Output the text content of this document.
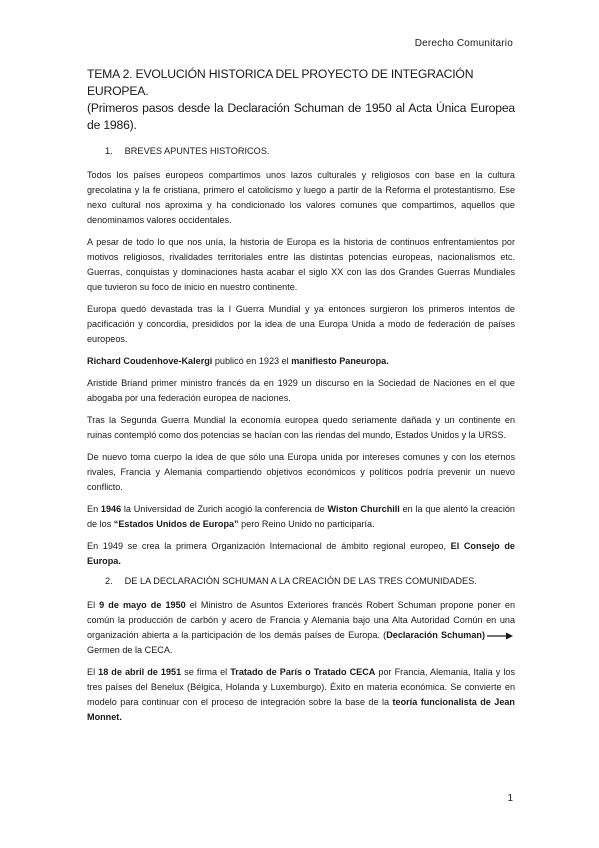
Derecho Comunitario
TEMA 2. EVOLUCIÓN HISTORICA DEL PROYECTO DE INTEGRACIÓN EUROPEA.
(Primeros pasos desde la Declaración Schuman de 1950 al Acta Única Europea de 1986).
1. BREVES APUNTES HISTORICOS.

Todos los países europeos compartimos unos lazos culturales y religiosos con base en la cultura grecolatina y la fe cristiana, primero el catolicismo y luego a partir de la Reforma el protestantismo. Ese nexo cultural nos aproxima y ha condicionado los valores comunes que compartimos, aquellos que denominamos valores occidentales.

A pesar de todo lo que nos unía, la historia de Europa es la historia de continuos enfrentamientos por motivos religiosos, rivalidades territoriales entre las distintas potencias europeas, nacionalismos etc. Guerras, conquistas y dominaciones hasta acabar el siglo XX con las dos Grandes Guerras Mundiales que tuvieron su foco de inicio en nuestro continente.

Europa quedó devastada tras la I Guerra Mundial y ya entonces surgieron los primeros intentos de pacificación y concordia, presididos por la idea de una Europa Unida a modo de federación de países europeos.

Richard Coudenhove-Kalergi publicó en 1923 el manifiesto Paneuropa.

Aristide Briand primer ministro francés da en 1929 un discurso en la Sociedad de Naciones en el que abogaba por una federación europea de naciones.

Tras la Segunda Guerra Mundial la economía europea quedo seriamente dañada y un continente en ruinas contempló como dos potencias se hacían con las riendas del mundo, Estados Unidos y la URSS.

De nuevo toma cuerpo la idea de que sólo una Europa unida por intereses comunes y con los eternos rivales, Francia y Alemania compartiendo objetivos económicos y políticos podría prevenir un nuevo conflicto.

En 1946 la Universidad de Zurich acogió la conferencia de Wiston Churchill en la que alentó la creación de los “Estados Unidos de Europa” pero Reino Unido no participaría.

En 1949 se crea la primera Organización Internacional de ámbito regional europeo, El Consejo de Europa.

2. DE LA DECLARACIÓN SCHUMAN A LA CREACIÓN DE LAS TRES COMUNIDADES.

El 9 de mayo de 1950 el Ministro de Asuntos Exteriores francés Robert Schuman propone poner en común la producción de carbón y acero de Francia y Alemania bajo una Alta Autoridad Común en una organización abierta a la participación de los demás países de Europa. (Declaración Schuman) Germen de la CECA.

El 18 de abril de 1951 se firma el Tratado de París o Tratado CECA por Francia, Alemania, Italia y los tres países del Benelux (Bélgica, Holanda y Luxemburgo). Éxito en materia económica. Se convierte en modelo para continuar con el proceso de integración sobre la base de la teoría funcionalista de Jean Monnet.

1
